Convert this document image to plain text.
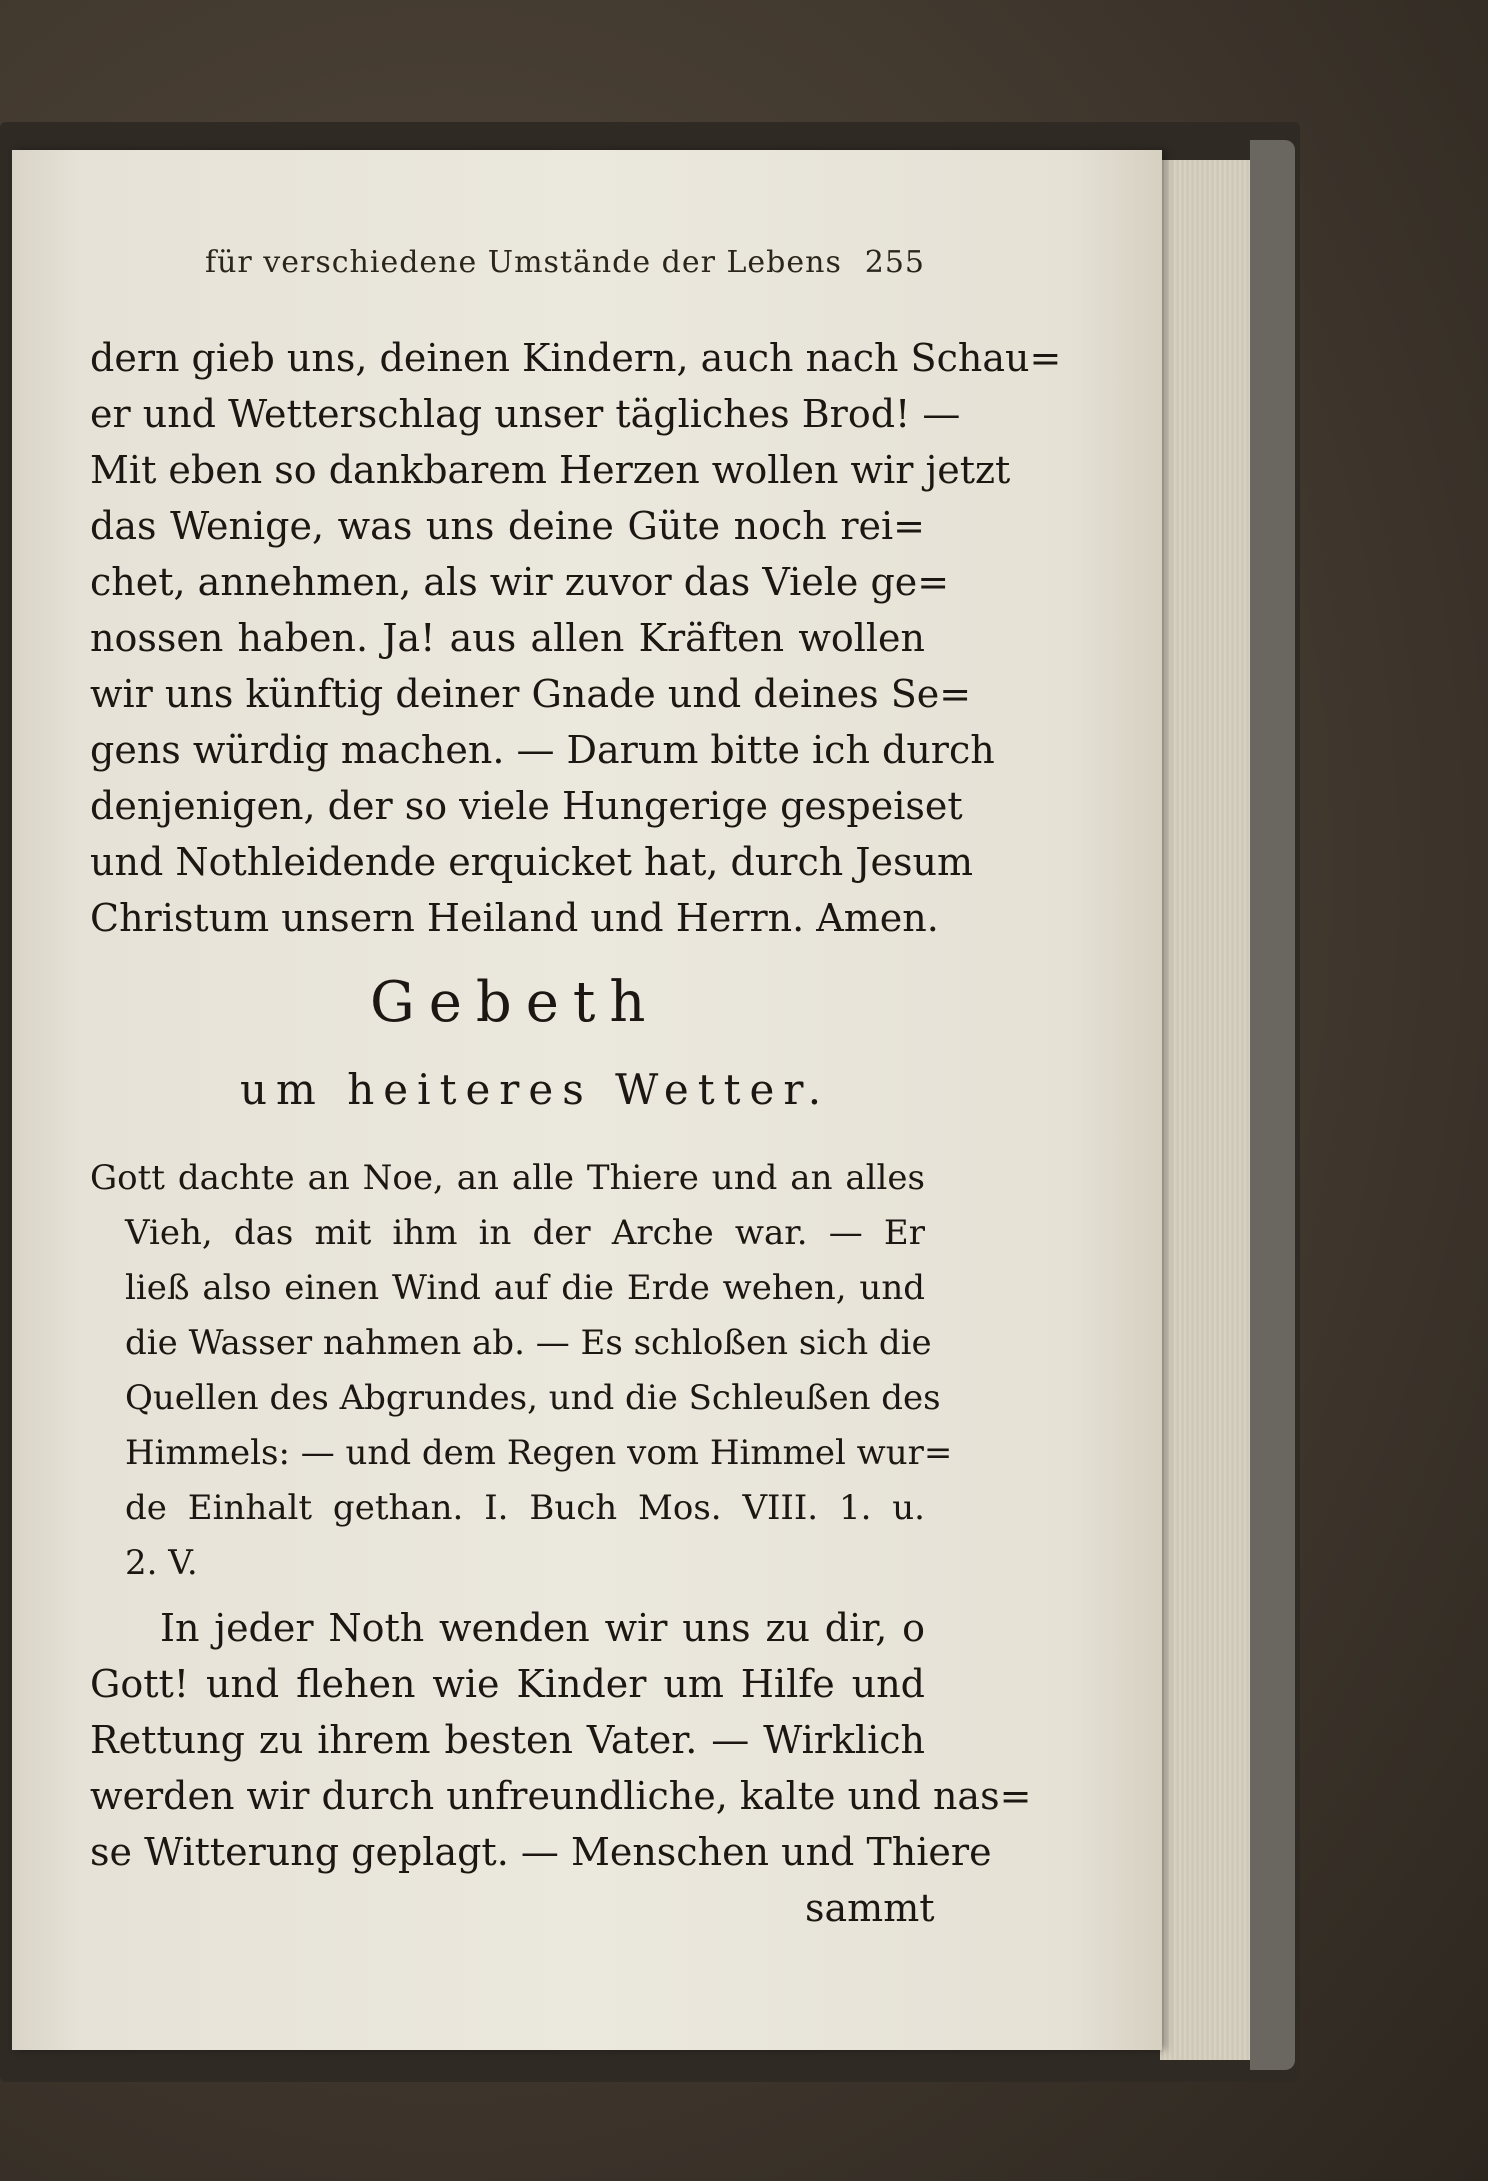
für verschiedene Umstände der Lebens 255
dern gieb uns, deinen Kindern, auch nach Schau=
er und Wetterschlag unser tägliches Brod! —
Mit eben so dankbarem Herzen wollen wir jetzt
das Wenige, was uns deine Güte noch rei=
chet, annehmen, als wir zuvor das Viele ge=
nossen haben. Ja! aus allen Kräften wollen
wir uns künftig deiner Gnade und deines Se=
gens würdig machen. — Darum bitte ich durch
denjenigen, der so viele Hungerige gespeiset
und Nothleidende erquicket hat, durch Jesum
Christum unsern Heiland und Herrn. Amen.
Gebeth
um heiteres Wetter.
Gott dachte an Noe, an alle Thiere und an alles
Vieh, das mit ihm in der Arche war. — Er
ließ also einen Wind auf die Erde wehen, und
die Wasser nahmen ab. — Es schloßen sich die
Quellen des Abgrundes, und die Schleußen des
Himmels: — und dem Regen vom Himmel wur=
de Einhalt gethan. I. Buch Mos. VIII. 1. u.
2. V.
In jeder Noth wenden wir uns zu dir, o
Gott! und flehen wie Kinder um Hilfe und
Rettung zu ihrem besten Vater. — Wirklich
werden wir durch unfreundliche, kalte und nas=
se Witterung geplagt. — Menschen und Thiere
sammt
